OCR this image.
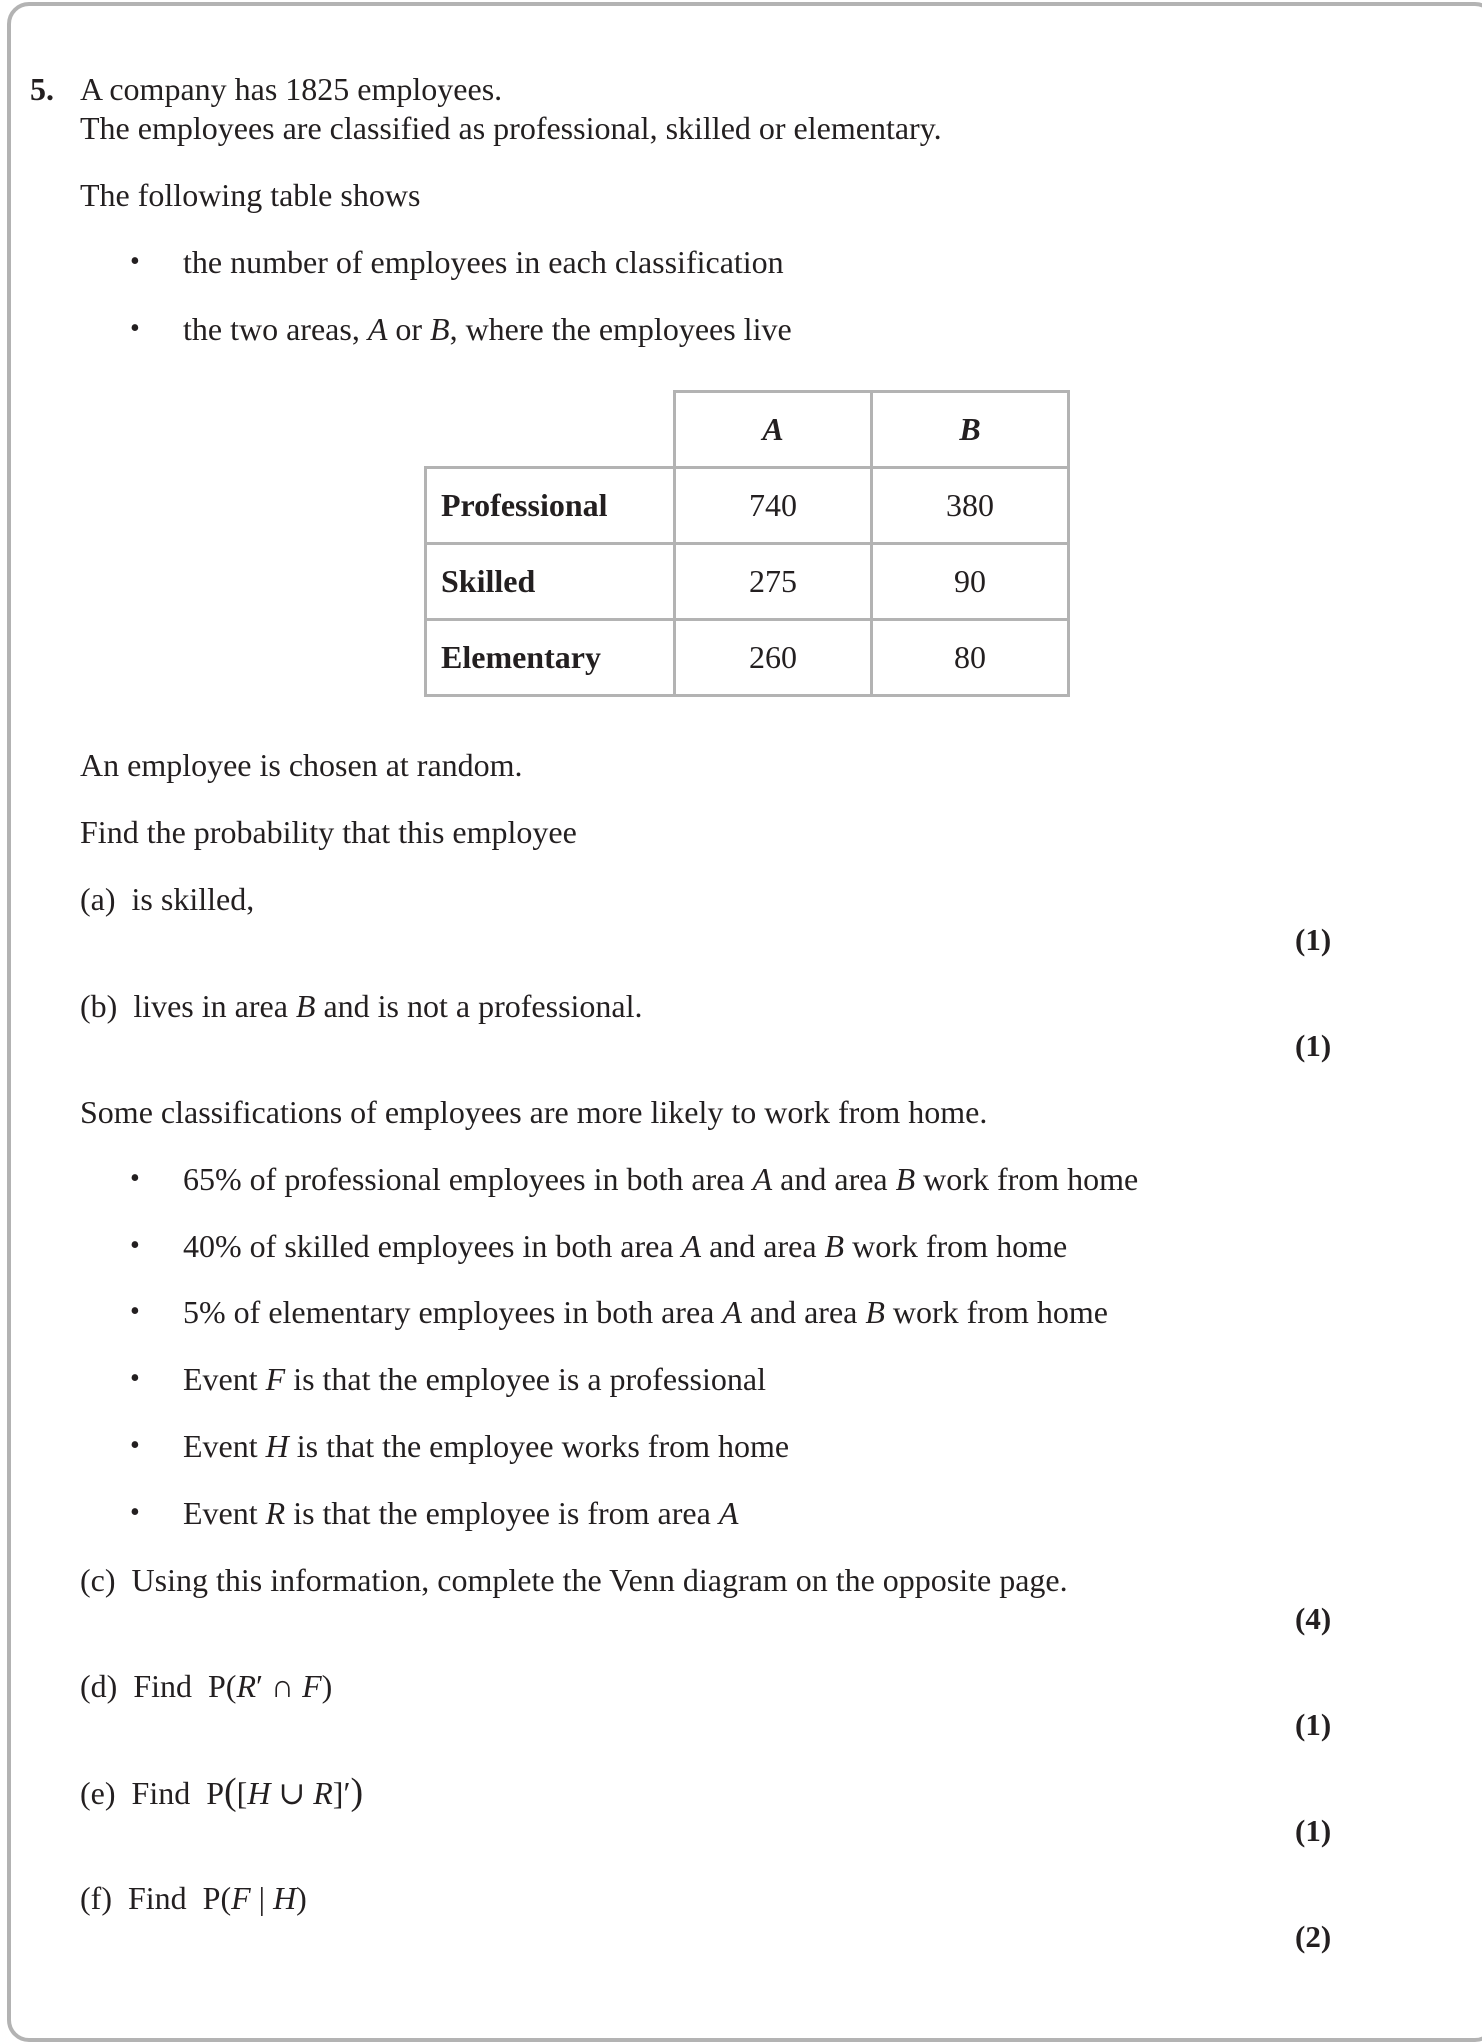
5. A company has 1825 employees.
The employees are classified as professional, skilled or elementary.
The following table shows
• the number of employees in each classification
• the two areas, A or B, where the employees live
	A	B
Professional	740	380
Skilled	275	90
Elementary	260	80
An employee is chosen at random.
Find the probability that this employee
(a) is skilled,
(1)
(b)  lives in area B and is not a professional.
(1)
Some classifications of employees are more likely to work from home.
• 65% of professional employees in both area A and area B work from home
• 40% of skilled employees in both area A and area B work from home
• 5% of elementary employees in both area A and area B work from home
• Event F is that the employee is a professional
• Event H is that the employee works from home
• Event R is that the employee is from area A
(c) Using this information, complete the Venn diagram on the opposite page.
(4)
(d)  Find  P(R′ ∩ F)
(1)
(e)  Find  P([H ∪ R]′)
(1)
(f)  Find  P(F | H)
(2)
